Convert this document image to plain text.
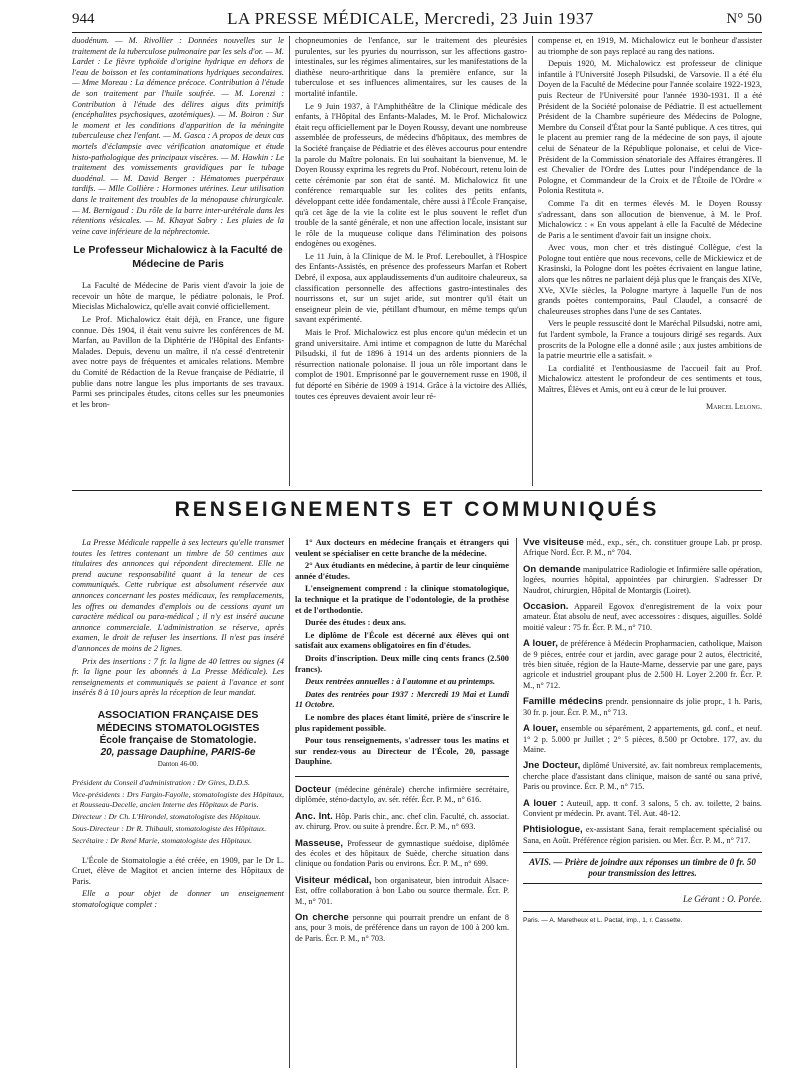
944	LA PRESSE MÉDICALE, Mercredi, 23 Juin 1937	N° 50

duodénum. — M. Rivollier : Données nouvelles sur le traitement de la tuberculose pulmonaire par les sels d'or. — M. Lardet : Le fièvre typhoïde d'origine hydrique en dehors de l'eau de boisson et les contaminations hydriques secondaires. — Mme Moreau : La démence précoce. Contribution à l'étude de son traitement par l'huile soufrée. — M. Lorenzi : Contribution à l'étude des délires aigus dits primitifs (encéphalites psychosiques, azotémiques). — M. Boiron : Sur le moment et les conditions d'apparition de la méningite tuberculeuse chez l'enfant. — M. Gasca : A propos de deux cas mortels d'éclampsie avec vérification anatomique et étude histo-pathologique des principaux viscères. — M. Hawkin : Le traitement des vomissements gravidiques par le tubage duodénal. — M. David Berger : Hématomes puerpéraux tardifs. — Mlle Collière : Hormones utérines. Leur utilisation dans le traitement des troubles de la ménopause chirurgicale. — M. Bernigaud : Du rôle de la barre inter-urétérale dans les rétentions vésicales. — M. Khayat Sabry : Les plaies de la veine cave inférieure de la néphrectomie.

Le Professeur Michalowicz à la Faculté de Médecine de Paris

La Faculté de Médecine de Paris vient d'avoir la joie de recevoir un hôte de marque, le pédiatre polonais, le Prof. Miecislas Michalowicz, qu'elle avait convié officiellement.

Le Prof. Michalowicz était déjà, en France, une figure connue. Dès 1904, il était venu suivre les conférences de M. Marfan, au Pavillon de la Diphtérie de l'Hôpital des Enfants-Malades. Depuis, devenu un maître, il n'a cessé d'entretenir avec notre pays de fréquentes et amicales relations. Membre du Comité de Rédaction de la Revue française de Pédiatrie, il publie dans notre langue les plus importants de ses travaux. Parmi ses principales études, citons celles sur les pneumonies et les bron-

chopneumonies de l'enfance, sur le traitement des pleurésies purulentes, sur les pyuries du nourrisson, sur les affections gastro-intestinales, sur les régimes alimentaires, sur les manifestations de la diathèse neuro-arthritique dans la première enfance, sur la tuberculose et ses influences alimentaires, sur les causes de la mortalité infantile.

Le 9 Juin 1937, à l'Amphithéâtre de la Clinique médicale des enfants, à l'Hôpital des Enfants-Malades, M. le Prof. Michalowicz était reçu officiellement par le Doyen Roussy, devant une nombreuse assemblée de professeurs, de médecins d'hôpitaux, des membres de la Société française de Pédiatrie et des élèves accourus pour entendre la parole du Maître polonais. En lui souhaitant la bienvenue, M. le Doyen Roussy exprima les regrets du Prof. Nobécourt, retenu loin de cette cérémonie par son état de santé. M. Michalowicz fit une conférence remarquable sur les colites des petits enfants, développant cette idée fondamentale, chère aussi à l'École Française, qu'à cet âge de la vie la colite est le plus souvent le reflet d'un trouble de la santé générale, et non une affection locale, insistant sur le rôle de la muqueuse colique dans l'élimination des poisons endogènes ou exogènes.

Le 11 Juin, à la Clinique de M. le Prof. Lereboullet, à l'Hospice des Enfants-Assistés, en présence des professeurs Marfan et Robert Debré, il exposa, aux applaudissements d'un auditoire chaleureux, sa classification personnelle des affections gastro-intestinales des nourrissons et, sur un sujet aride, sut montrer qu'il était un enseigneur plein de vie, pétillant d'humour, en même temps qu'un savant expérimenté.

Mais le Prof. Michalowicz est plus encore qu'un médecin et un grand universitaire. Ami intime et compagnon de lutte du Maréchal Pilsudski, il fut de 1896 à 1914 un des ardents pionniers de la résurrection nationale polonaise. Il joua un rôle important dans le complot de 1901. Emprisonné par le gouvernement russe en 1908, il fut déporté en Sibérie de 1909 à 1914. Grâce à la victoire des Alliés, toutes ces épreuves devaient avoir leur ré-

compense et, en 1919, M. Michalowicz eut le bonheur d'assister au triomphe de son pays replacé au rang des nations.

Depuis 1920, M. Michalowicz est professeur de clinique infantile à l'Université Joseph Pilsudski, de Varsovie. Il a été élu Doyen de la Faculté de Médecine pour l'année scolaire 1922-1923, puis Recteur de l'Université pour l'année 1930-1931. Il a été Président de la Société polonaise de Pédiatrie. Il est actuellement Président de la Chambre supérieure des Médecins de Pologne, Membre du Conseil d'État pour la Santé publique. A ces titres, qui le placent au premier rang de la médecine de son pays, il ajoute celui de Sénateur de la République polonaise, et celui de Vice-Président de la Commission sénatoriale des Affaires étrangères. Il est Chevalier de l'Ordre des Luttes pour l'indépendance de la Pologne, et Commandeur de la Croix et de l'Étoile de l'Ordre « Polonia Restituta ».

Comme l'a dit en termes élevés M. le Doyen Roussy s'adressant, dans son allocution de bienvenue, à M. le Prof. Michalowicz : « En vous appelant à elle la Faculté de Médecine de Paris a le sentiment d'avoir fait un insigne choix.

Avec vous, mon cher et très distingué Collègue, c'est la Pologne tout entière que nous recevons, celle de Mickiewicz et de Krasinski, la Pologne dont les poètes écrivaient en langue latine, alors que les nôtres ne parlaient déjà plus que le français des XIVe, XVe, XVIe siècles, la Pologne martyre à laquelle l'un de nos grands poètes contemporains, Paul Claudel, a consacré de chaleureuses strophes dans l'une de ses Cantates.

Vers le peuple ressuscité dont le Maréchal Pilsudski, notre ami, fut l'ardent symbole, la France a toujours dirigé ses regards. Aux proscrits de la Pologne elle a donné asile ; aux justes ambitions de la patrie meurtrie elle a satisfait. »

La cordialité et l'enthousiasme de l'accueil fait au Prof. Michalowicz attestent le profondeur de ces sentiments et tous, Maîtres, Élèves et Amis, ont eu à cœur de le lui prouver.

Marcel Lelong.
RENSEIGNEMENTS ET COMMUNIQUÉS

La Presse Médicale rappelle à ses lecteurs qu'elle transmet toutes les lettres contenant un timbre de 50 centimes aux titulaires des annonces qui répondent directement. Elle ne prend aucune responsabilité quant à la teneur de ces communiqués. Cette rubrique est absolument réservée aux annonces concernant les postes médicaux, les remplacements, les offres ou demandes d'emplois ou de cessions ayant un caractère médical ou para-médical ; il n'y est inséré aucune annonce commerciale. L'administration se réserve, après examen, le droit de refuser les insertions. Il n'est pas inséré d'annonces de moins de 2 lignes.

Prix des insertions : 7 fr. la ligne de 40 lettres ou signes (4 fr. la ligne pour les abonnés à La Presse Médicale). Les renseignements et communiqués se paient à l'avance et sont insérés 8 à 10 jours après la réception de leur mandat.

ASSOCIATION FRANÇAISE DES MÉDECINS STOMATOLOGISTES
École française de Stomatologie.
20, passage Dauphine, PARIS-6e
Danton 46-00.
Président du Conseil d'administration : Dr Gires, D.D.S.
Vice-présidents : Drs Fargin-Fayolle, stomatologiste des Hôpitaux, et Rousseau-Decelle, ancien Interne des Hôpitaux de Paris.
Directeur : Dr Ch. L'Hirondel, stomatologiste des Hôpitaux.
Sous-Directeur : Dr R. Thibault, stomatologiste des Hôpitaux.
Secrétaire : Dr René Marie, stomatologiste des Hôpitaux.

L'École de Stomatologie a été créée, en 1909, par le Dr L. Cruet, élève de Magitot et ancien interne des Hôpitaux de Paris.

Elle a pour objet de donner un enseignement stomatologique complet :

1° Aux docteurs en médecine français et étrangers qui veulent se spécialiser en cette branche de la médecine.

2° Aux étudiants en médecine, à partir de leur cinquième année d'études.

L'enseignement comprend : la clinique stomatologique, la technique et la pratique de l'odontologie, de la prothèse et de l'orthodontie.

Durée des études : deux ans.

Le diplôme de l'École est décerné aux élèves qui ont satisfait aux examens obligatoires en fin d'études.

Droits d'inscription. Deux mille cinq cents francs (2.500 francs).

Deux rentrées annuelles : à l'automne et au printemps.

Dates des rentrées pour 1937 : Mercredi 19 Mai et Lundi 11 Octobre.

Le nombre des places étant limité, prière de s'inscrire le plus rapidement possible.

Pour tous renseignements, s'adresser tous les matins et sur rendez-vous au Directeur de l'École, 20, passage Dauphine.

Docteur (médecine générale) cherche infirmière secrétaire, diplômée, sténo-dactylo, av. sér. référ. Écr. P. M., n° 616.
Anc. Int. Hôp. Paris chir., anc. chef clin. Faculté, ch. associat. av. chirurg. Prov. ou suite à prendre. Écr. P. M., n° 693.
Masseuse, Professeur de gymnastique suédoise, diplômée des écoles et des hôpitaux de Suède, cherche situation dans clinique ou fondation Paris ou environs. Écr. P. M., n° 699.
Visiteur médical, bon organisateur, bien introduit Alsace-Est, offre collaboration à bon Labo ou source thermale. Écr. P. M., n° 701.
On cherche personne qui pourrait prendre un enfant de 8 ans, pour 3 mois, de préférence dans un rayon de 100 à 200 km. de Paris. Écr. P. M., n° 703.
Vve visiteuse méd., exp., sér., ch. constituer groupe Lab. pr prosp. Afrique Nord. Écr. P. M., n° 704.
On demande manipulatrice Radiologie et Infirmière salle opération, logées, nourries hôpital, appointées par chirurgien. S'adresser Dr Naudrot, chirurgien, Hôpital de Montargis (Loiret).
Occasion. Appareil Egovox d'enregistrement de la voix pour amateur. État absolu de neuf, avec accessoires : disques, aiguilles. Soldé moitié valeur : 75 fr. Écr. P. M., n° 710.
A louer, de préférence à Médecin Propharmacien, catholique, Maison de 9 pièces, entrée cour et jardin, avec garage pour 2 autos, électricité, très bien située, région de la Haute-Marne, desservie par une gare, pays agricole et industriel groupant plus de 2.500 H. Loyer 2.200 fr. Écr. P. M., n° 712.
Famille médecins prendr. pensionnaire ds jolie propr., 1 h. Paris, 30 fr. p. jour. Écr. P. M., n° 713.
A louer, ensemble ou séparément, 2 appartements, gd. conf., et neuf. 1° 2 p. 5.000 pr Juillet ; 2° 5 pièces, 8.500 pr Octobre. 177, av. du Maine.
Jne Docteur, diplômé Université, av. fait nombreux remplacements, cherche place d'assistant dans clinique, maison de santé ou sana privé, Paris ou province. Écr. P. M., n° 715.
A louer : Auteuil, app. tt conf. 3 salons, 5 ch. av. toilette, 2 bains. Convient pr médecin. Pr. avant. Tél. Aut. 48-12.
Phtisiologue, ex-assistant Sana, ferait remplacement spécialisé ou Sana, en Août. Préférence région parisien. ou Mer. Écr. P. M., n° 717.
AVIS. — Prière de joindre aux réponses un timbre de 0 fr. 50 pour transmission des lettres.
Le Gérant : O. Porée.
Paris. — A. Maretheux et L. Pactat, imp., 1, r. Cassette.
